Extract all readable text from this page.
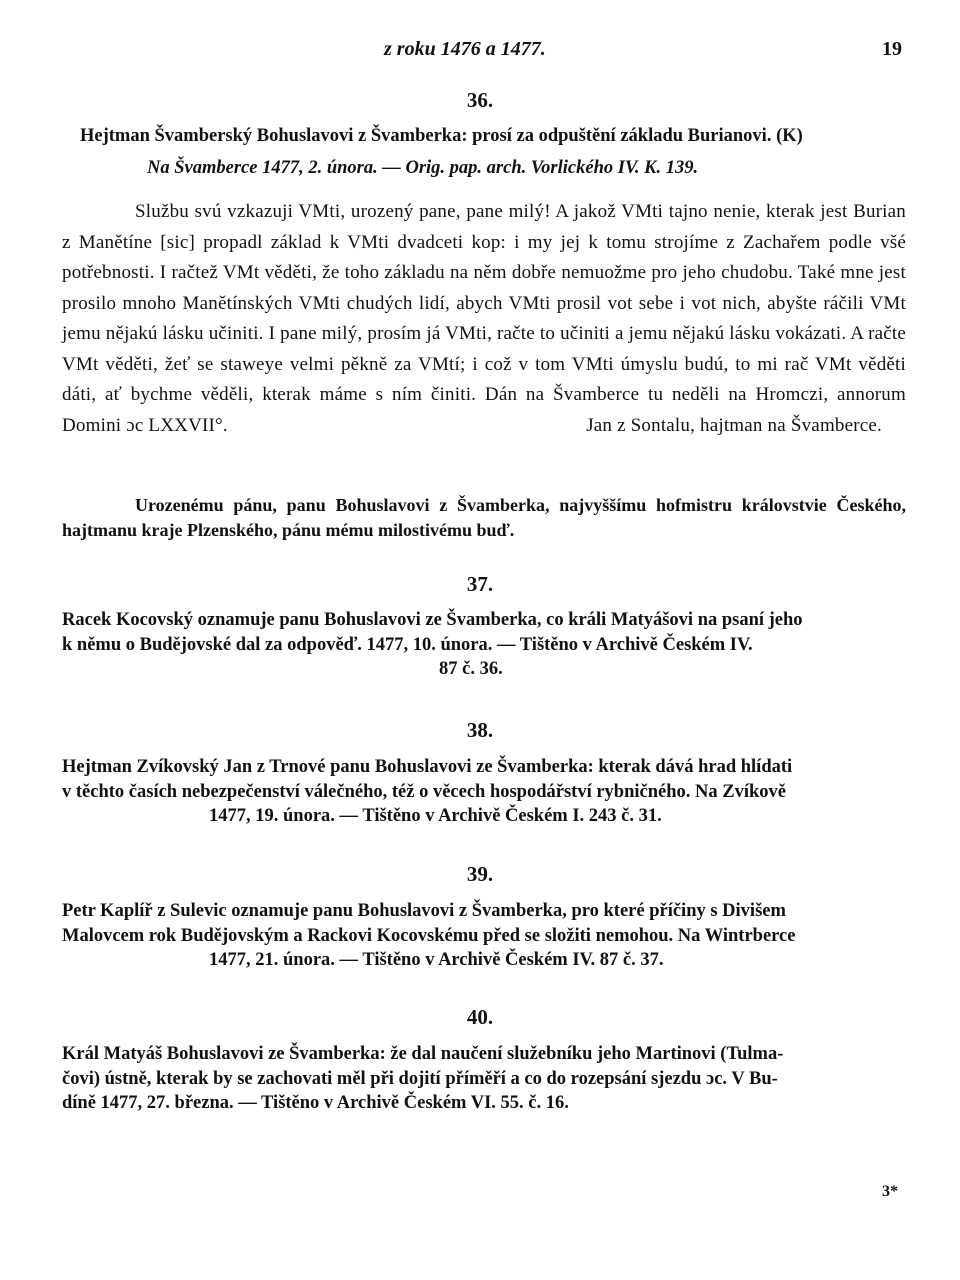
z roku 1476 a 1477.	19
36.
Hejtman Švamberský Bohuslavovi z Švamberka: prosí za odpuštění základu Burianovi. (K)
Na Švamberce 1477, 2. února. — Orig. pap. arch. Vorlického IV. K. 139.
Službu svú vzkazuji VMti, urozený pane, pane milý! A jakož VMti tajno nenie, kterak jest Burian z Manětíne [sic] propadl základ k VMti dvadceti kop: i my jej k tomu strojíme z Zachařem podle všé potřebnosti. I račtež VMt věděti, že toho základu na něm dobře nemuožme pro jeho chudobu. Také mne jest prosilo mnoho Manětínských VMti chudých lidí, abych VMti prosil vot sebe i vot nich, abyšte ráčili VMt jemu nějakú lásku učiniti. I pane milý, prosím já VMti, račte to učiniti a jemu nějakú lásku vokázati. A račte VMt věděti, žeť se staweye velmi pěkně za VMtí; i což v tom VMti úmyslu budú, to mi rač VMt věděti dáti, ať bychme věděli, kterak máme s ním činiti. Dán na Švamberce tu neděli na Hromczi, annorum Domini ɔc LXXVII°.	Jan z Sontalu, hajtman na Švamberce.
Urozenému pánu, panu Bohuslavovi z Švamberka, najvyššímu hofmistru královstvie Českého, hajtmanu kraje Plzenského, pánu mému milostivému buď.
37.
Racek Kocovský oznamuje panu Bohuslavovi ze Švamberka, co králi Matyášovi na psaní jeho
k němu o Budějovské dal za odpověď. 1477, 10. února. — Tištěno v Archivě Českém IV.
87 č. 36.
38.
Hejtman Zvíkovský Jan z Trnové panu Bohuslavovi ze Švamberka: kterak dává hrad hlídati
v těchto časích nebezpečenství válečného, též o věcech hospodářství rybničného. Na Zvíkově
1477, 19. února. — Tištěno v Archivě Českém I. 243 č. 31.
39.
Petr Kaplíř z Sulevic oznamuje panu Bohuslavovi z Švamberka, pro které příčiny s Divišem
Malovcem rok Budějovským a Rackovi Kocovskému před se složiti nemohou. Na Wintrberce
1477, 21. února. — Tištěno v Archivě Českém IV. 87 č. 37.
40.
Král Matyáš Bohuslavovi ze Švamberka: že dal naučení služebníku jeho Martinovi (Tulma-
čovi) ústně, kterak by se zachovati měl při dojití příměří a co do rozepsání sjezdu ɔc. V Bu-
díně 1477, 27. března. — Tištěno v Archivě Českém VI. 55. č. 16.
3*
